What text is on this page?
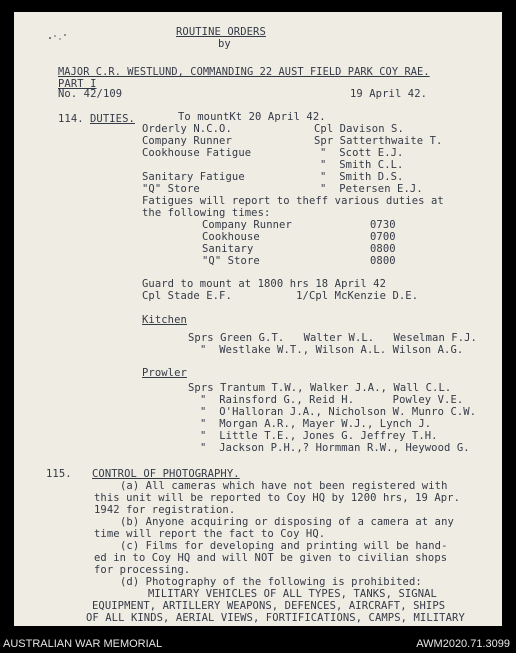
ROUTINE ORDERS
by
MAJOR C.R. WESTLUND, COMMANDING 22 AUST FIELD PARK COY RAE.
PART I
No. 42/109	19 April 42.
114. DUTIES.	To mountKt 20 April 42.
Orderly N.C.O.	Cpl Davison S.
Company Runner	Spr Satterthwaite T.
Cookhouse Fatigue	"  Scott E.J.
"  Smith C.L.
Sanitary Fatigue	"  Smith D.S.
"Q" Store	"  Petersen E.J.
Fatigues will report to theff various duties at
the following times:
Company Runner	0730
Cookhouse	0700
Sanitary	0800
"Q" Store	0800
Guard to mount at 1800 hrs 18 April 42
Cpl Stade E.F.          1/Cpl McKenzie D.E.
Kitchen
Sprs Green G.T.   Walter W.L.   Weselman F.J.
"  Westlake W.T., Wilson A.L. Wilson A.G.
Prowler
Sprs Trantum T.W., Walker J.A., Wall C.L.
"  Rainsford G., Reid H.      Powley V.E.
"  O'Halloran J.A., Nicholson W. Munro C.W.
"  Morgan A.R., Mayer W.J., Lynch J.
"  Little T.E., Jones G. Jeffrey T.H.
"  Jackson P.H.,? Hormman R.W., Heywood G.
115. CONTROL OF PHOTOGRAPHY.
(a) All cameras which have not been registered with
this unit will be reported to Coy HQ by 1200 hrs, 19 Apr.
1942 for registration.
(b) Anyone acquiring or disposing of a camera at any
time will report the fact to Coy HQ.
(c) Films for developing and printing will be hand-
ed in to Coy HQ and will NOT be given to civilian shops
for processing.
(d) Photography of the following is prohibited:
MILITARY VEHICLES OF ALL TYPES, TANKS, SIGNAL
EQUIPMENT, ARTILLERY WEAPONS, DEFENCES, AIRCRAFT, SHIPS
OF ALL KINDS, AERIAL VIEWS, FORTIFICATIONS, CAMPS, MILITARY
AUSTRALIAN WAR MEMORIAL	AWM2020.71.3099
